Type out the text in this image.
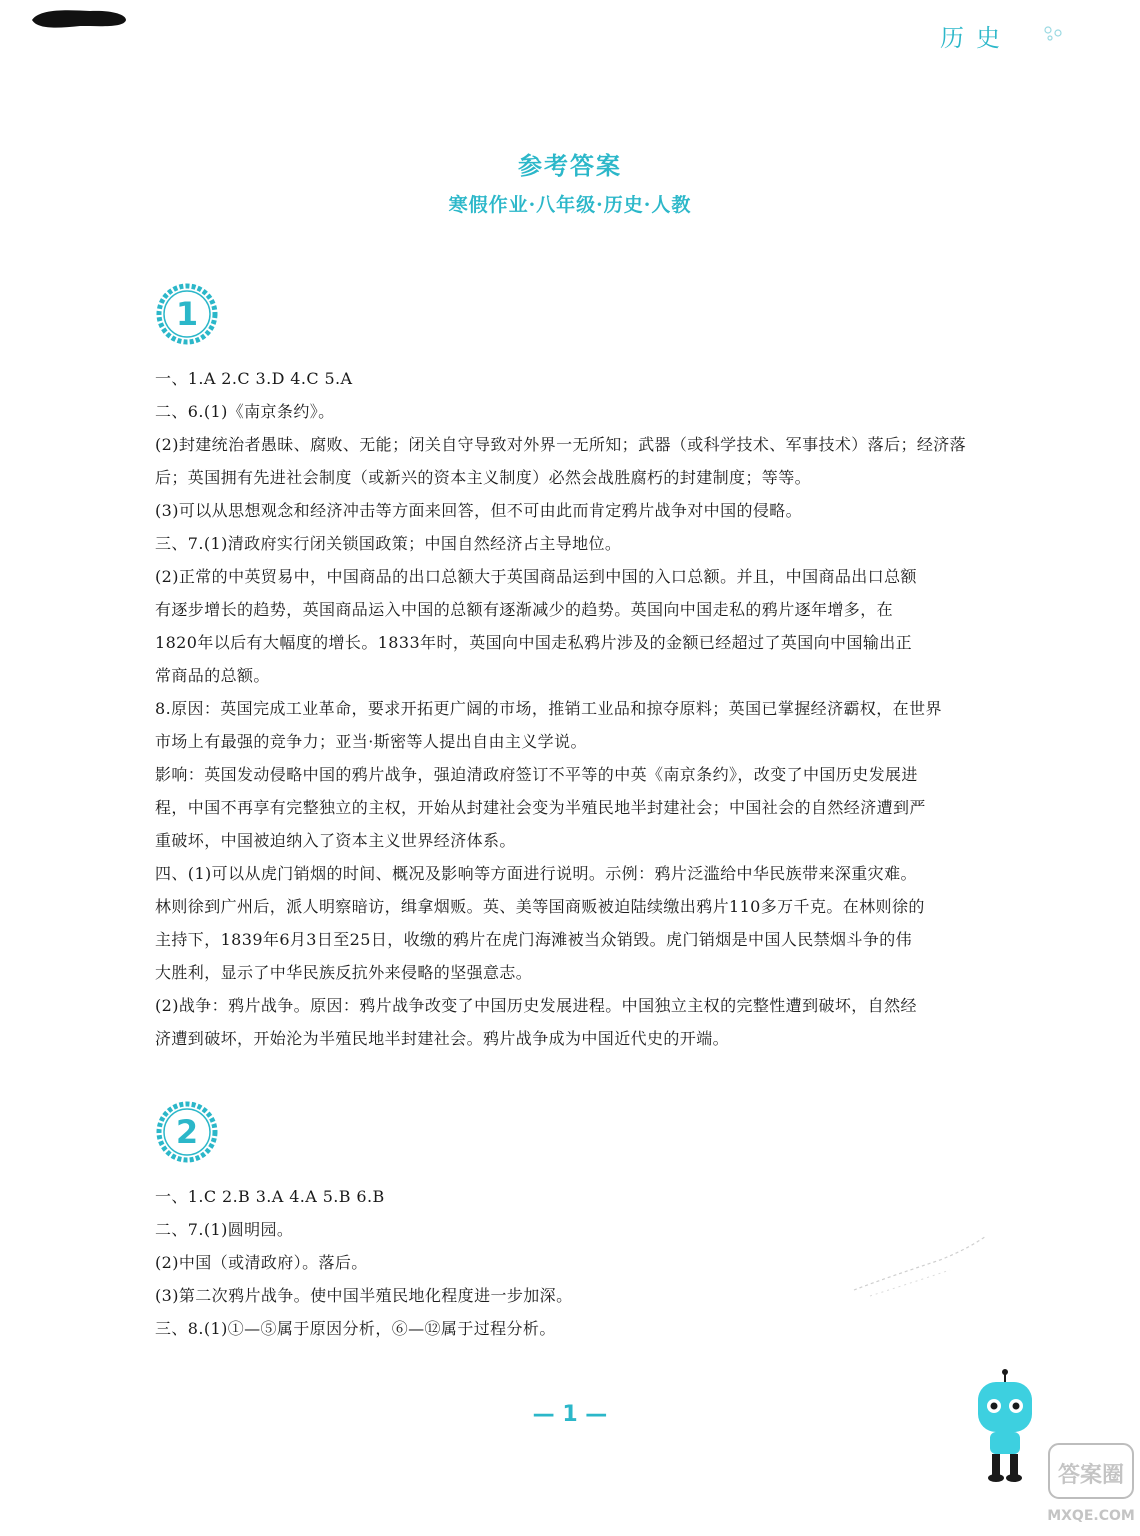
历史
参考答案
寒假作业·八年级·历史·人教
1
一、1.A 2.C 3.D 4.C 5.A
二、6.(1)《南京条约》。
(2)封建统治者愚昧、腐败、无能；闭关自守导致对外界一无所知；武器（或科学技术、军事技术）落后；经济落
后；英国拥有先进社会制度（或新兴的资本主义制度）必然会战胜腐朽的封建制度；等等。
(3)可以从思想观念和经济冲击等方面来回答，但不可由此而肯定鸦片战争对中国的侵略。
三、7.(1)清政府实行闭关锁国政策；中国自然经济占主导地位。
(2)正常的中英贸易中，中国商品的出口总额大于英国商品运到中国的入口总额。并且，中国商品出口总额
有逐步增长的趋势，英国商品运入中国的总额有逐渐减少的趋势。英国向中国走私的鸦片逐年增多，在
1820年以后有大幅度的增长。1833年时，英国向中国走私鸦片涉及的金额已经超过了英国向中国输出正
常商品的总额。
8.原因：英国完成工业革命，要求开拓更广阔的市场，推销工业品和掠夺原料；英国已掌握经济霸权，在世界
市场上有最强的竞争力；亚当·斯密等人提出自由主义学说。
影响：英国发动侵略中国的鸦片战争，强迫清政府签订不平等的中英《南京条约》，改变了中国历史发展进
程，中国不再享有完整独立的主权，开始从封建社会变为半殖民地半封建社会；中国社会的自然经济遭到严
重破坏，中国被迫纳入了资本主义世界经济体系。
四、(1)可以从虎门销烟的时间、概况及影响等方面进行说明。示例：鸦片泛滥给中华民族带来深重灾难。
林则徐到广州后，派人明察暗访，缉拿烟贩。英、美等国商贩被迫陆续缴出鸦片110多万千克。在林则徐的
主持下，1839年6月3日至25日，收缴的鸦片在虎门海滩被当众销毁。虎门销烟是中国人民禁烟斗争的伟
大胜利，显示了中华民族反抗外来侵略的坚强意志。
(2)战争：鸦片战争。原因：鸦片战争改变了中国历史发展进程。中国独立主权的完整性遭到破坏，自然经
济遭到破坏，开始沦为半殖民地半封建社会。鸦片战争成为中国近代史的开端。
2
一、1.C 2.B 3.A 4.A 5.B 6.B
二、7.(1)圆明园。
(2)中国（或清政府）。落后。
(3)第二次鸦片战争。使中国半殖民地化程度进一步加深。
三、8.(1)①—⑤属于原因分析，⑥—⑫属于过程分析。
— 1 —
答案圈
MXQE.COM
